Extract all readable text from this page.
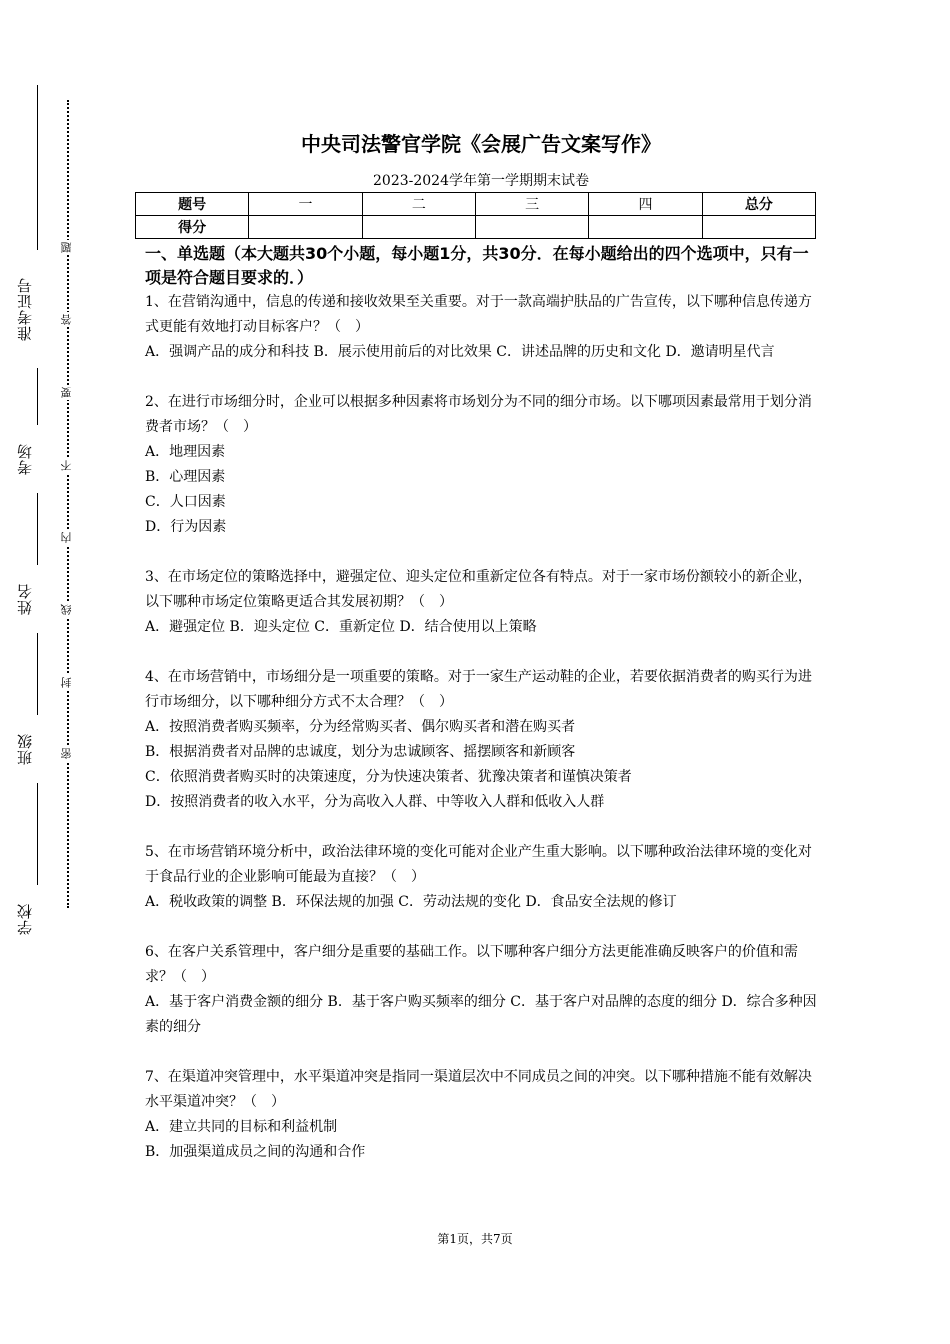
准考证号
考场
姓名
班级
学校
题
答
要
不
内
线
封
密
中央司法警官学院《会展广告文案写作》
2023-2024学年第一学期期末试卷
题号	一	二	三	四	总分
得分					
一、单选题（本大题共30个小题，每小题1分，共30分．在每小题给出的四个选项中，只有一项是符合题目要求的．）

1、在营销沟通中，信息的传递和接收效果至关重要。对于一款高端护肤品的广告宣传，以下哪种信息传递方式更能有效地打动目标客户？（　）

A．强调产品的成分和科技 B．展示使用前后的对比效果 C．讲述品牌的历史和文化 D．邀请明星代言

2、在进行市场细分时，企业可以根据多种因素将市场划分为不同的细分市场。以下哪项因素最常用于划分消费者市场？（　）

A．地理因素

B．心理因素

C．人口因素

D．行为因素

3、在市场定位的策略选择中，避强定位、迎头定位和重新定位各有特点。对于一家市场份额较小的新企业，以下哪种市场定位策略更适合其发展初期？（　）

A．避强定位 B．迎头定位 C．重新定位 D．结合使用以上策略

4、在市场营销中，市场细分是一项重要的策略。对于一家生产运动鞋的企业，若要依据消费者的购买行为进行市场细分，以下哪种细分方式不太合理？（　）

A．按照消费者购买频率，分为经常购买者、偶尔购买者和潜在购买者

B．根据消费者对品牌的忠诚度，划分为忠诚顾客、摇摆顾客和新顾客

C．依照消费者购买时的决策速度，分为快速决策者、犹豫决策者和谨慎决策者

D．按照消费者的收入水平，分为高收入人群、中等收入人群和低收入人群

5、在市场营销环境分析中，政治法律环境的变化可能对企业产生重大影响。以下哪种政治法律环境的变化对于食品行业的企业影响可能最为直接？（　）

A．税收政策的调整 B．环保法规的加强 C．劳动法规的变化 D．食品安全法规的修订

6、在客户关系管理中，客户细分是重要的基础工作。以下哪种客户细分方法更能准确反映客户的价值和需求？（　）

A．基于客户消费金额的细分 B．基于客户购买频率的细分 C．基于客户对品牌的态度的细分 D．综合多种因素的细分

7、在渠道冲突管理中，水平渠道冲突是指同一渠道层次中不同成员之间的冲突。以下哪种措施不能有效解决水平渠道冲突？（　）

A．建立共同的目标和利益机制

B．加强渠道成员之间的沟通和合作

第1页，共7页
